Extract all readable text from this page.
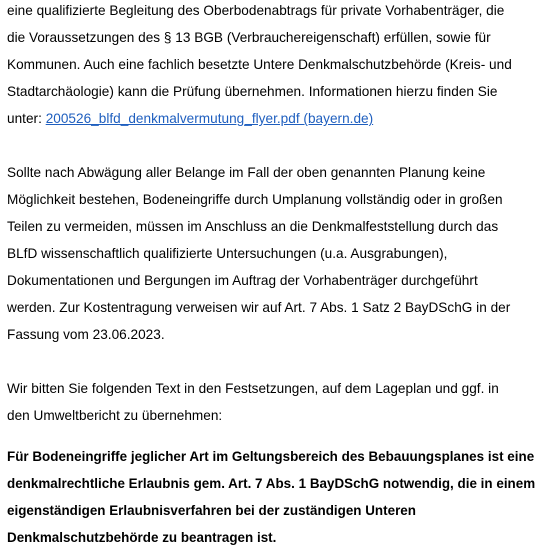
eine qualifizierte Begleitung des Oberbodenabtrags für private Vorhabenträger, die
die Voraussetzungen des § 13 BGB (Verbrauchereigenschaft) erfüllen, sowie für
Kommunen. Auch eine fachlich besetzte Untere Denkmalschutzbehörde (Kreis- und
Stadtarchäologie) kann die Prüfung übernehmen. Informationen hierzu finden Sie
unter: 200526_blfd_denkmalvermutung_flyer.pdf (bayern.de)
Sollte nach Abwägung aller Belange im Fall der oben genannten Planung keine
Möglichkeit bestehen, Bodeneingriffe durch Umplanung vollständig oder in großen
Teilen zu vermeiden, müssen im Anschluss an die Denkmalfeststellung durch das
BLfD wissenschaftlich qualifizierte Untersuchungen (u.a. Ausgrabungen),
Dokumentationen und Bergungen im Auftrag der Vorhabenträger durchgeführt
werden. Zur Kostentragung verweisen wir auf Art. 7 Abs. 1 Satz 2 BayDSchG in der
Fassung vom 23.06.2023.
Wir bitten Sie folgenden Text in den Festsetzungen, auf dem Lageplan und ggf. in
den Umweltbericht zu übernehmen:
Für Bodeneingriffe jeglicher Art im Geltungsbereich des Bebauungsplanes ist eine
denkmalrechtliche Erlaubnis gem. Art. 7 Abs. 1 BayDSchG notwendig, die in einem
eigenständigen Erlaubnisverfahren bei der zuständigen Unteren
Denkmalschutzbehörde zu beantragen ist.
